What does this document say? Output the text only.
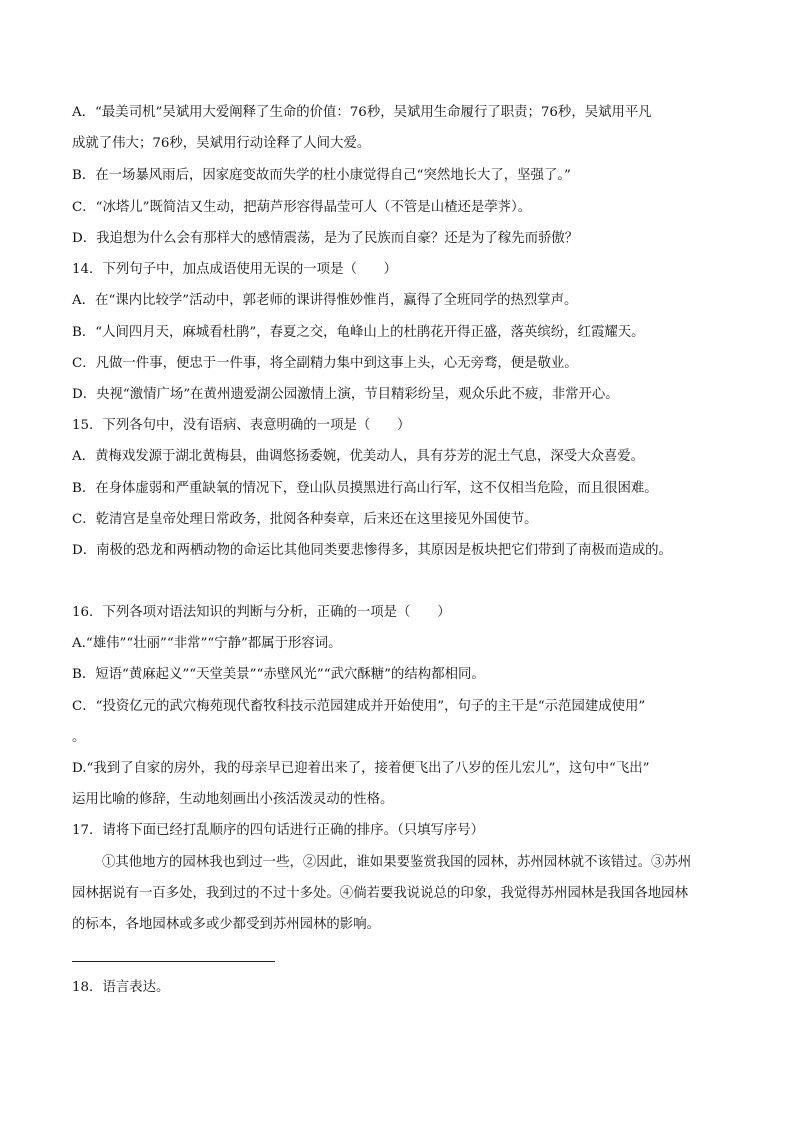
A．“最美司机”吴斌用大爱阐释了生命的价值：76秒，吴斌用生命履行了职责；76秒，吴斌用平凡
成就了伟大；76秒，吴斌用行动诠释了人间大爱。
B．在一场暴风雨后，因家庭变故而失学的杜小康觉得自己“突然地长大了，坚强了。”
C．“冰塔儿”既简洁又生动，把葫芦形容得晶莹可人（不管是山楂还是荸荠）。
D．我追想为什么会有那样大的感情震荡，是为了民族而自豪？还是为了稼先而骄傲？
14．下列句子中，加点成语使用无误的一项是（　　）
A．在“课内比较学”活动中，郭老师的课讲得惟妙惟肖，赢得了全班同学的热烈掌声。
B．“人间四月天，麻城看杜鹃”，春夏之交，龟峰山上的杜鹃花开得正盛，落英缤纷，红霞耀天。
C．凡做一件事，便忠于一件事，将全副精力集中到这事上头，心无旁骛，便是敬业。
D．央视“激情广场”在黄州遗爱湖公园激情上演，节目精彩纷呈，观众乐此不疲，非常开心。
15．下列各句中，没有语病、表意明确的一项是（　　）
A．黄梅戏发源于湖北黄梅县，曲调悠扬委婉，优美动人，具有芬芳的泥土气息，深受大众喜爱。
B．在身体虚弱和严重缺氧的情况下，登山队员摸黑进行高山行军，这不仅相当危险，而且很困难。
C．乾清宫是皇帝处理日常政务，批阅各种奏章，后来还在这里接见外国使节。
D．南极的恐龙和两栖动物的命运比其他同类要悲惨得多，其原因是板块把它们带到了南极而造成的。
16．下列各项对语法知识的判断与分析，正确的一项是（　　）
A.“雄伟”“壮丽”“非常”“宁静”都属于形容词。
B．短语“黄麻起义”“天堂美景”“赤壁风光”“武穴酥糖”的结构都相同。
C．“投资亿元的武穴梅苑现代畜牧科技示范园建成并开始使用”，句子的主干是“示范园建成使用”
。
D.“我到了自家的房外，我的母亲早已迎着出来了，接着便飞出了八岁的侄儿宏儿”，这句中“飞出”
运用比喻的修辞，生动地刻画出小孩活泼灵动的性格。
17．请将下面已经打乱顺序的四句话进行正确的排序。（只填写序号）
①其他地方的园林我也到过一些，②因此，谁如果要鉴赏我国的园林，苏州园林就不该错过。③苏州
园林据说有一百多处，我到过的不过十多处。④倘若要我说说总的印象，我觉得苏州园林是我国各地园林
的标本，各地园林或多或少都受到苏州园林的影响。
18．语言表达。
